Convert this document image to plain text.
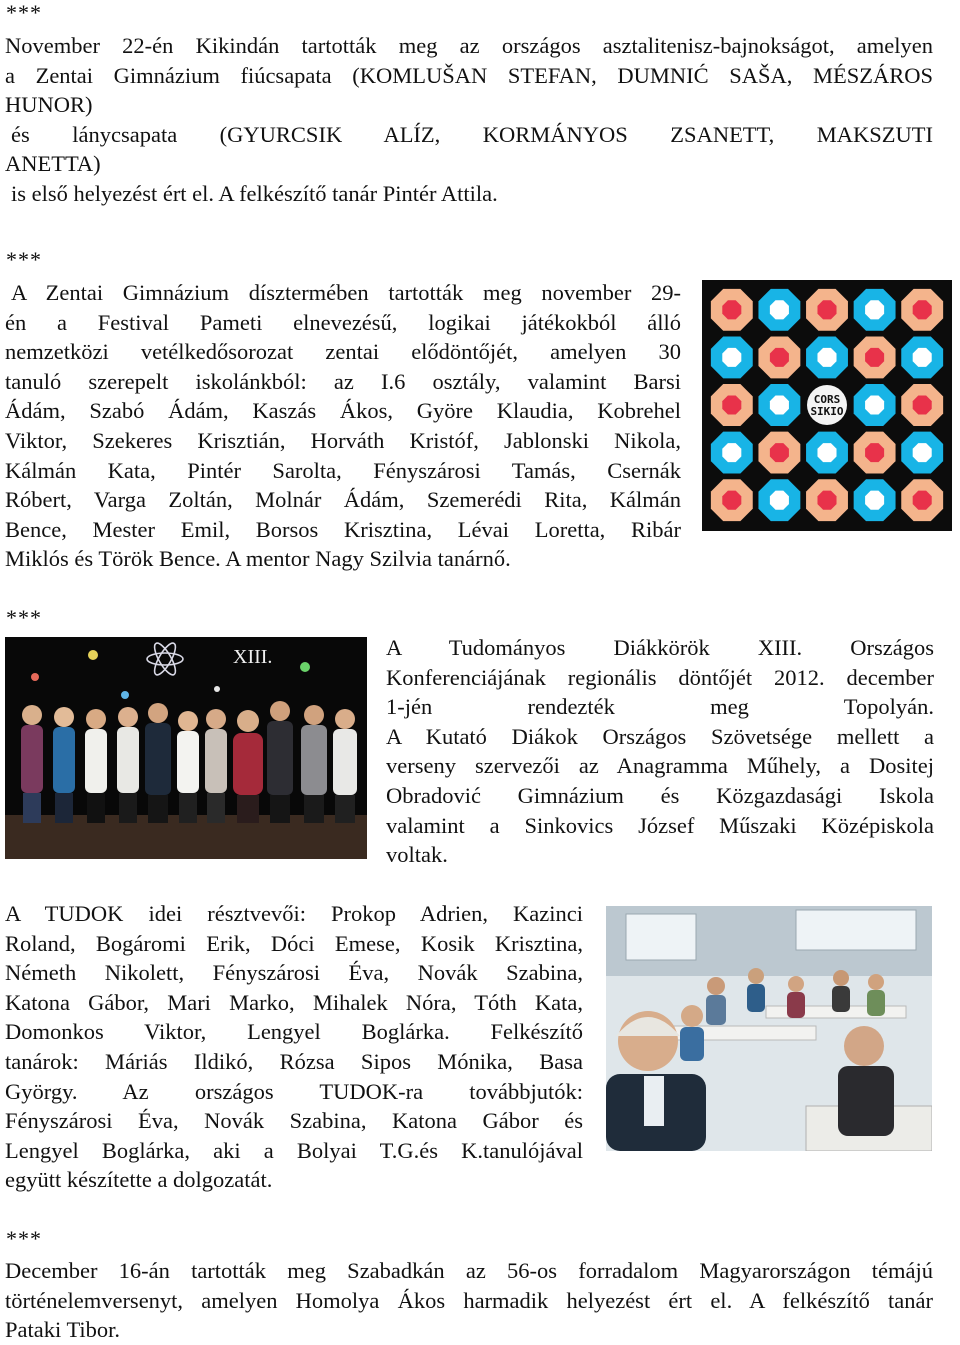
***
November 22-én Kikindán tartották meg az országos asztalitenisz-bajnokságot, amelyen
a Zentai Gimnázium fiúcsapata (KOMLUŠAN STEFAN, DUMNIĆ SAŠA, MÉSZÁROS
HUNOR)
és   lánycsapata   (GYURCSIK   ALÍZ,   KORMÁNYOS   ZSANETT,   MAKSZUTI
ANETTA)
is első helyezést ért el. A felkészítő tanár Pintér Attila.
***
A Zentai Gimnázium dísztermében tartották meg november 29-
én a Festival Pameti elnevezésű, logikai játékokból álló
nemzetközi vetélkedősorozat zentai elődöntőjét, amelyen 30
tanuló szerepelt iskolánkból: az I.6 osztály, valamint Barsi
Ádám, Szabó Ádám, Kaszás Ákos, Györe Klaudia, Kobrehel
Viktor, Szekeres Krisztián, Horváth Kristóf, Jablonski Nikola,
Kálmán Kata, Pintér Sarolta, Fényszárosi Tamás, Csernák
Róbert, Varga Zoltán, Molnár Ádám, Szemerédi Rita, Kálmán
Bence, Mester Emil, Borsos Krisztina, Lévai Loretta, Ribár
Miklós és Török Bence. A mentor Nagy Szilvia tanárnő.
CORS
SIKIO
***
XIII.	A Tudományos Diákkörök XIII. Országos
Konferenciájának regionális döntőjét 2012. december
1-jén rendezték meg Topolyán.
A Kutató Diákok Országos Szövetsége mellett a
verseny szervezői az Anagramma Műhely, a Dositej
Obradović Gimnázium és Közgazdasági Iskola
valamint a Sinkovics József Műszaki Középiskola
voltak.
A TUDOK idei résztvevői: Prokop Adrien, Kazinci
Roland, Bogáromi Erik, Dóci Emese, Kosik Krisztina,
Németh Nikolett, Fényszárosi Éva, Novák Szabina,
Katona Gábor, Mari Marko, Mihalek Nóra, Tóth Kata,
Domonkos Viktor, Lengyel Boglárka. Felkészítő
tanárok: Máriás Ildikó, Rózsa Sipos Mónika, Basa
György. Az országos TUDOK-ra továbbjutók:
Fényszárosi Éva, Novák Szabina, Katona Gábor és
Lengyel Boglárka, aki a Bolyai T.G.és K.tanulójával
együtt készítette a dolgozatát.
***
December 16-án tartották meg Szabadkán az 56-os forradalom Magyarországon témájú
történelemversenyt, amelyen Homolya Ákos harmadik helyezést ért el. A felkészítő tanár
Pataki Tibor.
